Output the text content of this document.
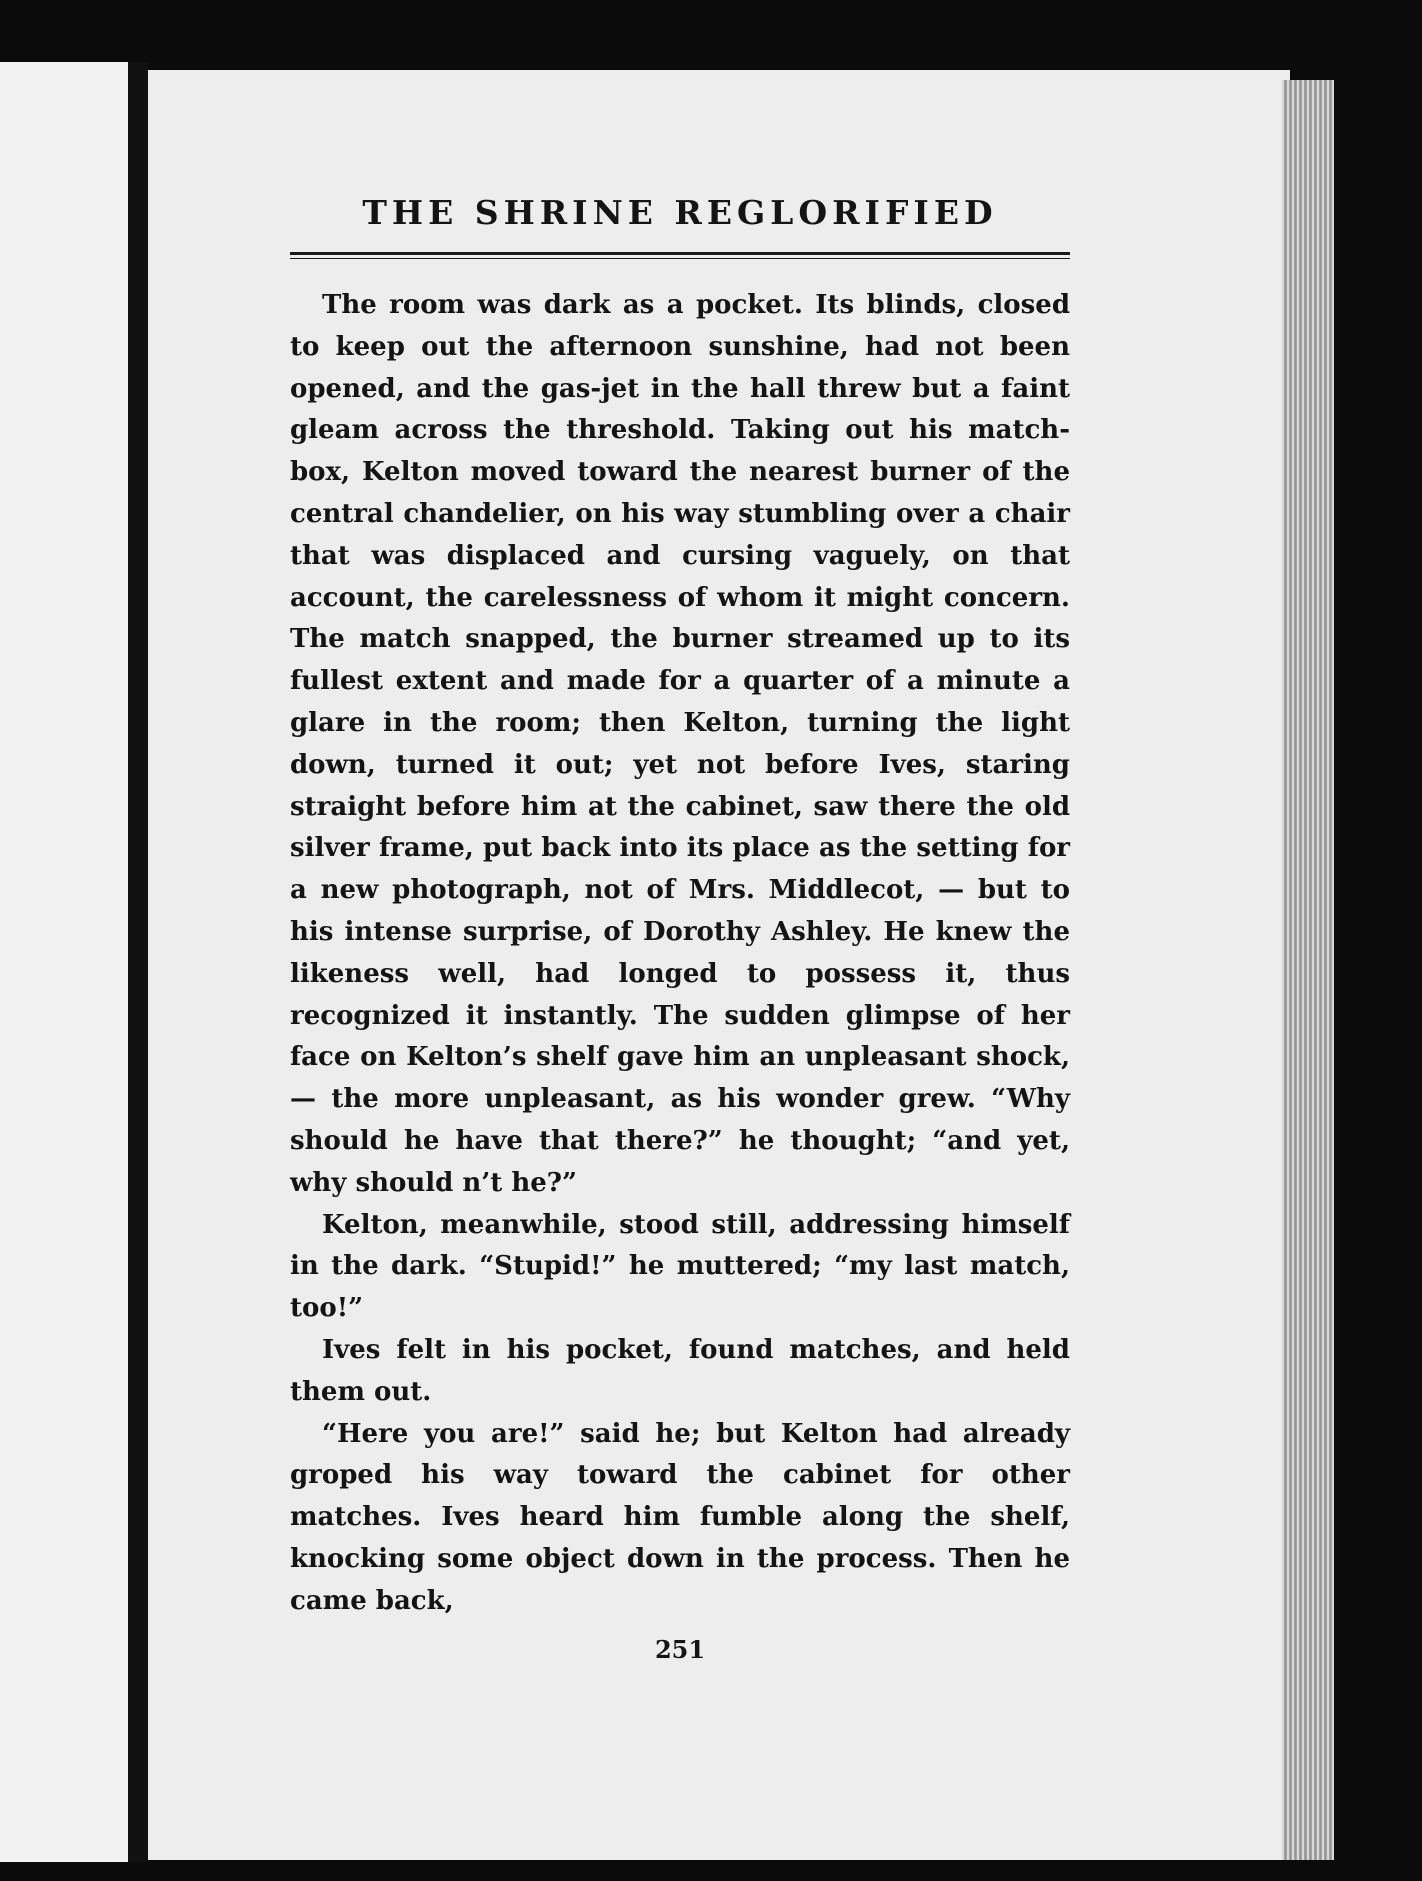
THE SHRINE REGLORIFIED

The room was dark as a pocket. Its blinds, closed to keep out the afternoon sunshine, had not been opened, and the gas-jet in the hall threw but a faint gleam across the threshold. Taking out his match-box, Kelton moved toward the nearest burner of the central chandelier, on his way stumbling over a chair that was displaced and cursing vaguely, on that account, the carelessness of whom it might concern. The match snapped, the burner streamed up to its fullest extent and made for a quarter of a minute a glare in the room; then Kelton, turning the light down, turned it out; yet not before Ives, staring straight before him at the cabinet, saw there the old silver frame, put back into its place as the setting for a new photograph, not of Mrs. Middlecot, — but to his intense surprise, of Dorothy Ashley. He knew the likeness well, had longed to possess it, thus recognized it instantly. The sudden glimpse of her face on Kelton’s shelf gave him an unpleasant shock, — the more unpleasant, as his wonder grew. “Why should he have that there?” he thought; “and yet, why should n’t he?”

Kelton, meanwhile, stood still, addressing himself in the dark. “Stupid!” he muttered; “my last match, too!”

Ives felt in his pocket, found matches, and held them out.

“Here you are!” said he; but Kelton had already groped his way toward the cabinet for other matches. Ives heard him fumble along the shelf, knocking some object down in the process. Then he came back,

251
